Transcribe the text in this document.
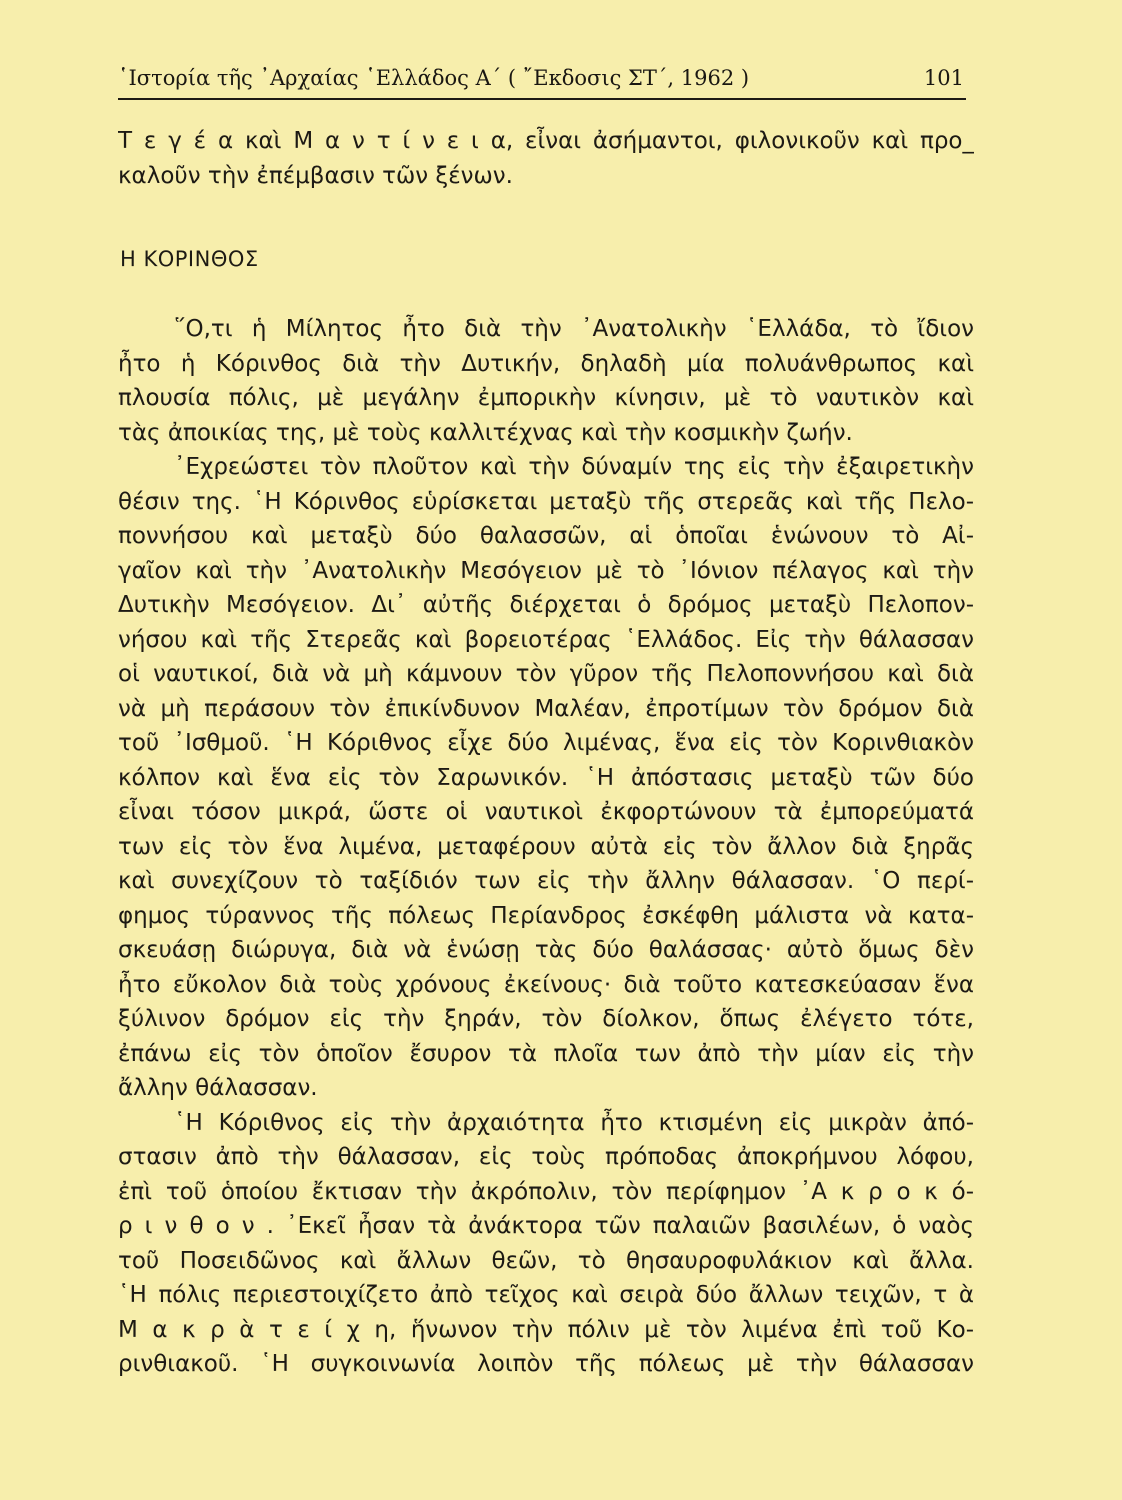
῾Ιστορία τῆς ᾿Αρχαίας ῾Ελλάδος Α΄ ( ῎Εκδοσις ΣΤ΄, 1962 )	101
Τ ε γ έ α καὶ Μ α ν τ ί ν ε ι α, εἶναι ἀσήμαντοι, φιλονικοῦν καὶ προ_
καλοῦν τὴν ἐπέμβασιν τῶν ξένων.
Η ΚΟΡΙΝΘΟΣ
῞Ο,τι ἡ Μίλητος ἦτο διὰ τὴν ᾿Ανατολικὴν ῾Ελλάδα, τὸ ἴδιον
ἦτο ἡ Κόρινθος διὰ τὴν Δυτικήν, δηλαδὴ μία πολυάνθρωπος καὶ
πλουσία πόλις, μὲ μεγάλην ἐμπορικὴν κίνησιν, μὲ τὸ ναυτικὸν καὶ
τὰς ἀποικίας της, μὲ τοὺς καλλιτέχνας καὶ τὴν κοσμικὴν ζωήν.
᾿Εχρεώστει τὸν πλοῦτον καὶ τὴν δύναμίν της εἰς τὴν ἐξαιρετικὴν
θέσιν της. ῾Η Κόρινθος εὑρίσκεται μεταξὺ τῆς στερεᾶς καὶ τῆς Πελο-
ποννήσου καὶ μεταξὺ δύο θαλασσῶν, αἱ ὁποῖαι ἑνώνουν τὸ Αἰ-
γαῖον καὶ τὴν ᾿Ανατολικὴν Μεσόγειον μὲ τὸ ᾿Ιόνιον πέλαγος καὶ τὴν
Δυτικὴν Μεσόγειον. Δι᾿ αὐτῆς διέρχεται ὁ δρόμος μεταξὺ Πελοπον-
νήσου καὶ τῆς Στερεᾶς καὶ βορειοτέρας ῾Ελλάδος. Εἰς τὴν θάλασσαν
οἱ ναυτικοί, διὰ νὰ μὴ κάμνουν τὸν γῦρον τῆς Πελοποννήσου καὶ διὰ
νὰ μὴ περάσουν τὸν ἐπικίνδυνον Μαλέαν, ἐπροτίμων τὸν δρόμον διὰ
τοῦ ᾿Ισθμοῦ. ῾Η Κόριθνος εἶχε δύο λιμένας, ἕνα εἰς τὸν Κορινθιακὸν
κόλπον καὶ ἕνα εἰς τὸν Σαρωνικόν. ῾Η ἀπόστασις μεταξὺ τῶν δύο
εἶναι τόσον μικρά, ὥστε οἱ ναυτικοὶ ἐκφορτώνουν τὰ ἐμπορεύματά
των εἰς τὸν ἕνα λιμένα, μεταφέρουν αὐτὰ εἰς τὸν ἄλλον διὰ ξηρᾶς
καὶ συνεχίζουν τὸ ταξίδιόν των εἰς τὴν ἄλλην θάλασσαν. ῾Ο περί-
φημος τύραννος τῆς πόλεως Περίανδρος ἐσκέφθη μάλιστα νὰ κατα-
σκευάσῃ διώρυγα, διὰ νὰ ἑνώσῃ τὰς δύο θαλάσσας· αὐτὸ ὅμως δὲν
ἦτο εὔκολον διὰ τοὺς χρόνους ἐκείνους· διὰ τοῦτο κατεσκεύασαν ἕνα
ξύλινον δρόμον εἰς τὴν ξηράν, τὸν δίολκον, ὅπως ἐλέγετο τότε,
ἐπάνω εἰς τὸν ὁποῖον ἔσυρον τὰ πλοῖα των ἀπὸ τὴν μίαν εἰς τὴν
ἄλλην θάλασσαν.
῾Η Κόριθνος εἰς τὴν ἀρχαιότητα ἦτο κτισμένη εἰς μικρὰν ἀπό-
στασιν ἀπὸ τὴν θάλασσαν, εἰς τοὺς πρόποδας ἀποκρήμνου λόφου,
ἐπὶ τοῦ ὁποίου ἔκτισαν τὴν ἀκρόπολιν, τὸν περίφημον ᾿Α κ ρ ο κ ό-
ρ ι ν θ ο ν . ᾿Εκεῖ ἦσαν τὰ ἀνάκτορα τῶν παλαιῶν βασιλέων, ὁ ναὸς
τοῦ Ποσειδῶνος καὶ ἄλλων θεῶν, τὸ θησαυροφυλάκιον καὶ ἄλλα.
῾Η πόλις περιεστοιχίζετο ἀπὸ τεῖχος καὶ σειρὰ δύο ἄλλων τειχῶν, τ ὰ
Μ α κ ρ ὰ τ ε ί χ η, ἥνωνον τὴν πόλιν μὲ τὸν λιμένα ἐπὶ τοῦ Κο-
ρινθιακοῦ. ῾Η συγκοινωνία λοιπὸν τῆς πόλεως μὲ τὴν θάλασσαν
